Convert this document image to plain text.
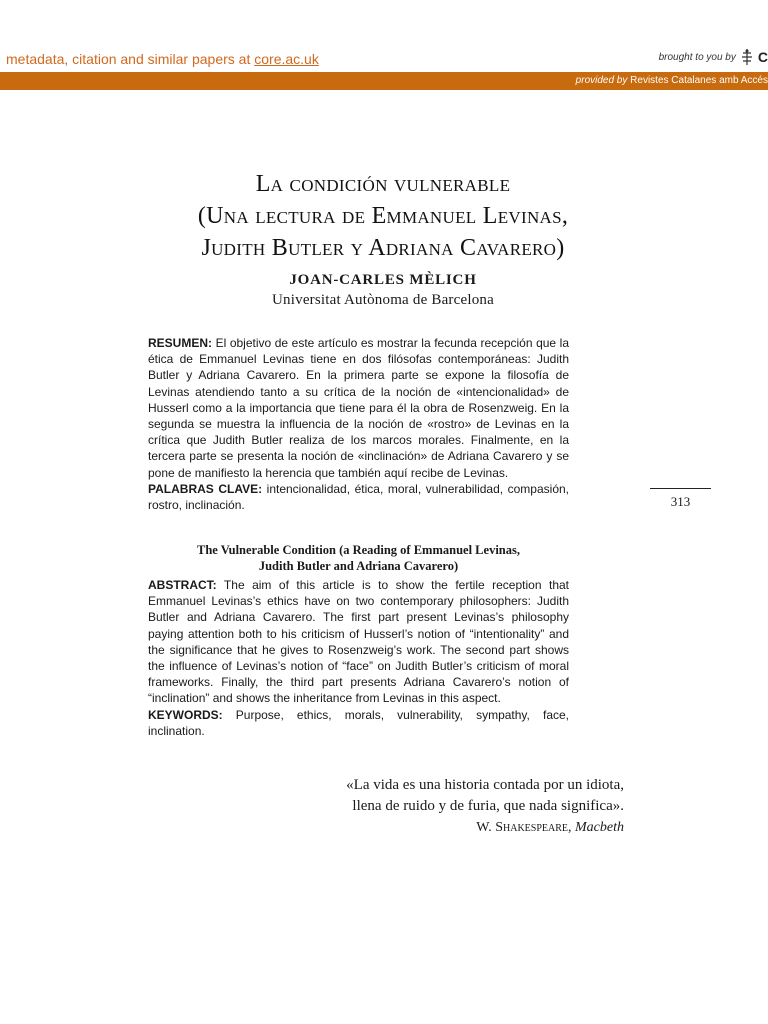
metadata, citation and similar papers at core.ac.uk	brought to you by C
provided by Revistes Catalanes amb Accés
La condición vulnerable
(Una lectura de Emmanuel Levinas,
Judith Butler y Adriana Cavarero)
JOAN-CARLES MÈLICH
Universitat Autònoma de Barcelona
RESUMEN: El objetivo de este artículo es mostrar la fecunda recepción que la ética de Emmanuel Levinas tiene en dos filósofas contemporáneas: Judith Butler y Adriana Cavarero. En la primera parte se expone la filosofía de Levinas atendiendo tanto a su crítica de la noción de «intencionalidad» de Husserl como a la importancia que tiene para él la obra de Rosenzweig. En la segunda se muestra la influencia de la noción de «rostro» de Levinas en la crítica que Judith Butler realiza de los marcos morales. Finalmente, en la tercera parte se presenta la noción de «inclinación» de Adriana Cavarero y se pone de manifiesto la herencia que también aquí recibe de Levinas.
PALABRAS CLAVE: intencionalidad, ética, moral, vulnerabilidad, compasión, rostro, inclinación.	313
The Vulnerable Condition (a Reading of Emmanuel Levinas,
Judith Butler and Adriana Cavarero)
ABSTRACT: The aim of this article is to show the fertile reception that Emmanuel Levinas’s ethics have on two contemporary philosophers: Judith Butler and Adriana Cavarero. The first part present Levinas’s philosophy paying attention both to his criticism of Husserl’s notion of “intentionality” and the significance that he gives to Rosenzweig’s work. The second part shows the influence of Levinas’s notion of “face” on Judith Butler’s criticism of moral frameworks. Finally, the third part presents Adriana Cavarero’s notion of “inclination” and shows the inheritance from Levinas in this aspect.
KEYWORDS: Purpose, ethics, morals, vulnerability, sympathy, face, inclination.
«La vida es una historia contada por un idiota,
llena de ruido y de furia, que nada significa».
W. Shakespeare, Macbeth
